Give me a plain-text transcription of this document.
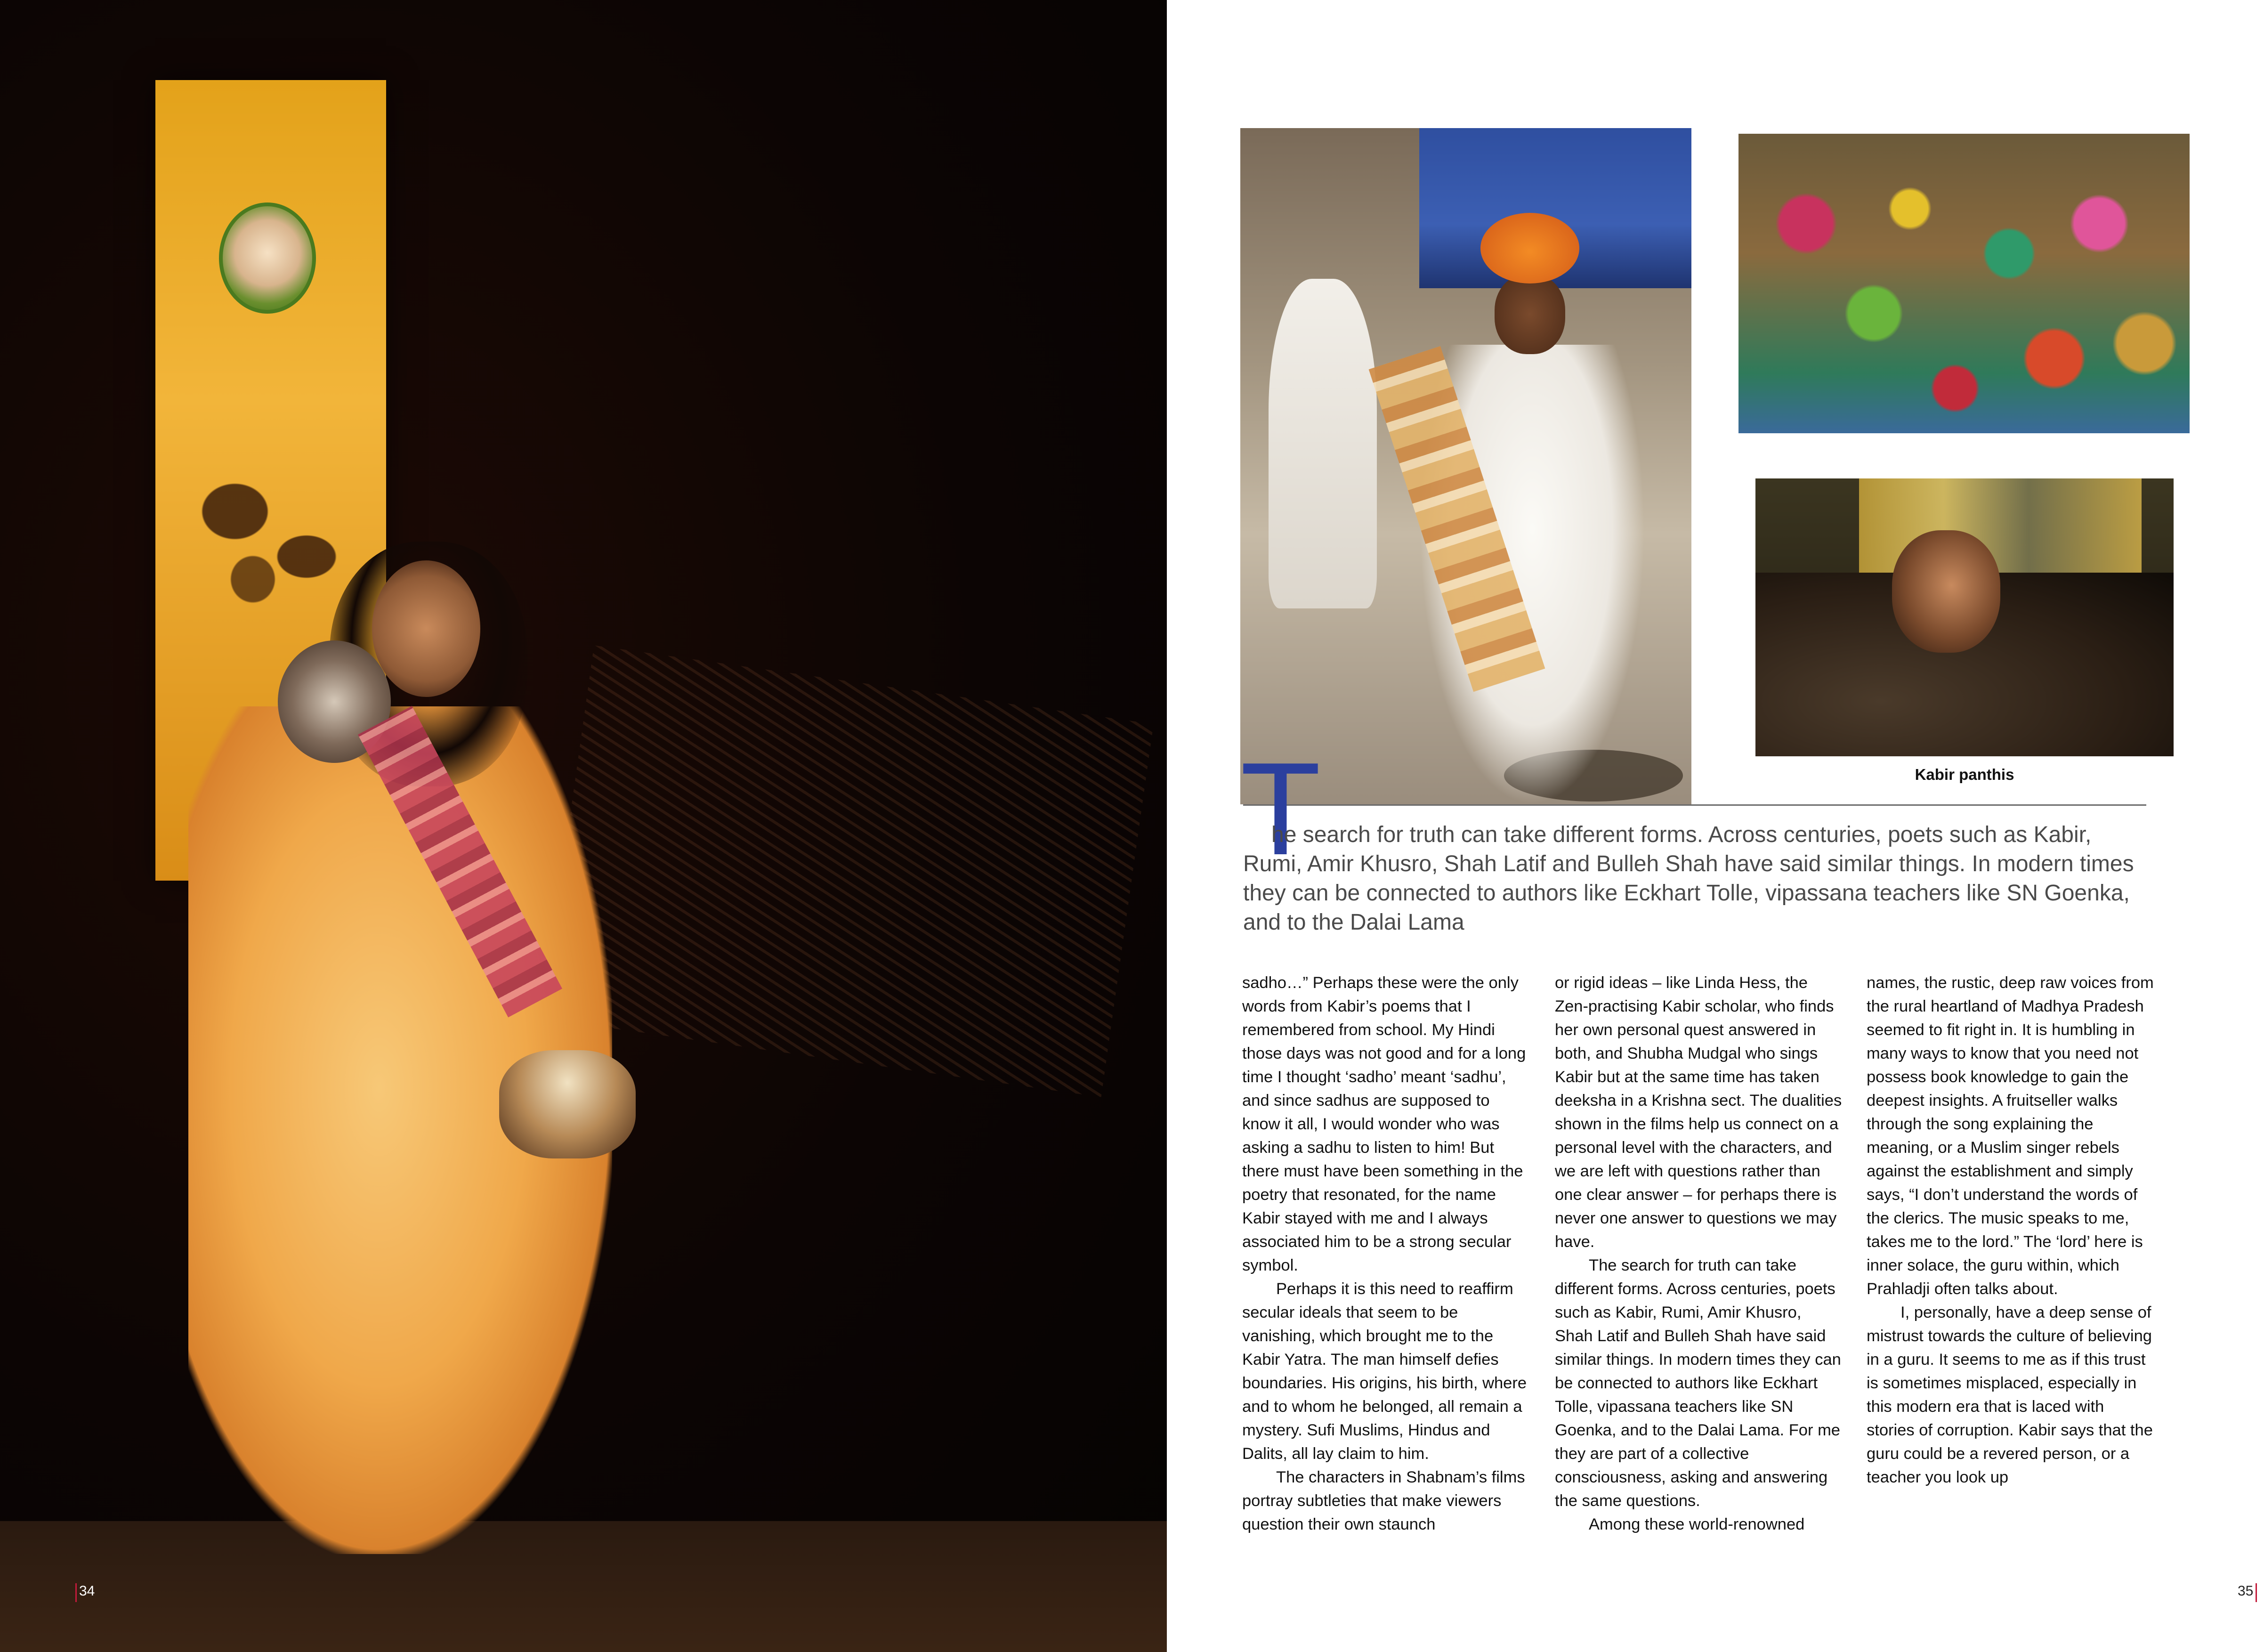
34
Kabir panthis
T

he search for truth can take different forms. Across centuries, poets such as Kabir, Rumi, Amir Khusro, Shah Latif and Bulleh Shah have said similar things. In modern times they can be connected to authors like Eckhart Tolle, vipassana teachers like SN Goenka, and to the Dalai Lama

sadho…” Perhaps these were the only words from Kabir’s poems that I remembered from school. My Hindi those days was not good and for a long time I thought ‘sadho’ meant ‘sadhu’, and since sadhus are supposed to know it all, I would wonder who was asking a sadhu to listen to him! But there must have been something in the poetry that resonated, for the name Kabir stayed with me and I always associated him to be a strong secular symbol.

Perhaps it is this need to reaffirm secular ideals that seem to be vanishing, which brought me to the Kabir Yatra. The man himself defies boundaries. His origins, his birth, where and to whom he belonged, all remain a mystery. Sufi Muslims, Hindus and Dalits, all lay claim to him.

The characters in Shabnam’s films portray subtleties that make viewers question their own staunch

or rigid ideas – like Linda Hess, the Zen-practising Kabir scholar, who finds her own personal quest answered in both, and Shubha Mudgal who sings Kabir but at the same time has taken deeksha in a Krishna sect. The dualities shown in the films help us connect on a personal level with the characters, and we are left with questions rather than one clear answer – for perhaps there is never one answer to questions we may have.

The search for truth can take different forms. Across centuries, poets such as Kabir, Rumi, Amir Khusro, Shah Latif and Bulleh Shah have said similar things. In modern times they can be connected to authors like Eckhart Tolle, vipassana teachers like SN Goenka, and to the Dalai Lama. For me they are part of a collective consciousness, asking and answering the same questions.

Among these world-renowned

names, the rustic, deep raw voices from the rural heartland of Madhya Pradesh seemed to fit right in. It is humbling in many ways to know that you need not possess book knowledge to gain the deepest insights. A fruitseller walks through the song explaining the meaning, or a Muslim singer rebels against the establishment and simply says, “I don’t understand the words of the clerics. The music speaks to me, takes me to the lord.” The ‘lord’ here is inner solace, the guru within, which Prahladji often talks about.

I, personally, have a deep sense of mistrust towards the culture of believing in a guru. It seems to me as if this trust is sometimes misplaced, especially in this modern era that is laced with stories of corruption. Kabir says that the guru could be a revered person, or a teacher you look up

35
